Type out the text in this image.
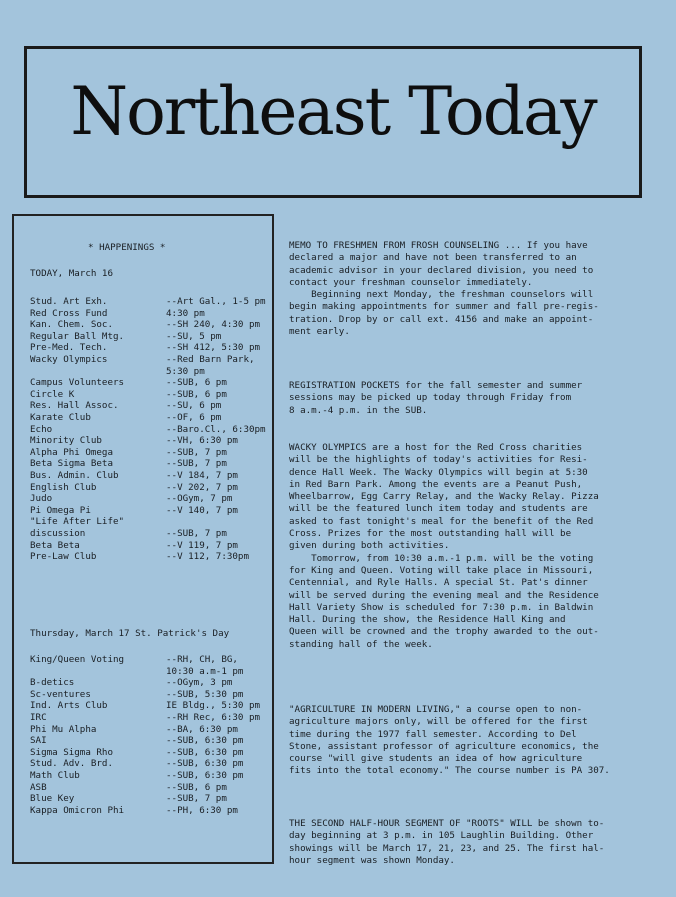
Northeast Today
* HAPPENINGS *
TODAY, March 16
Stud. Art Exh.	--Art Gal., 1-5 pm
Red Cross Fund	4:30 pm
Kan. Chem. Soc.	--SH 240, 4:30 pm
Regular Ball Mtg.	--SU, 5 pm
Pre-Med. Tech.	--SH 412, 5:30 pm
Wacky Olympics	--Red Barn Park,
5:30 pm
Campus Volunteers	--SUB, 6 pm
Circle K	--SUB, 6 pm
Res. Hall Assoc.	--SU, 6 pm
Karate Club	--OF, 6 pm
Echo	--Baro.Cl., 6:30pm
Minority Club	--VH, 6:30 pm
Alpha Phi Omega	--SUB, 7 pm
Beta Sigma Beta	--SUB, 7 pm
Bus. Admin. Club	--V 184, 7 pm
English Club	--V 202, 7 pm
Judo	--OGym, 7 pm
Pi Omega Pi	--V 140, 7 pm
"Life After Life"
discussion	--SUB, 7 pm
Beta Beta	--V 119, 7 pm
Pre-Law Club	--V 112, 7:30pm
Thursday, March 17 St. Patrick's Day
King/Queen Voting	--RH, CH, BG,
10:30 a.m-1 pm
B-detics	--OGym, 3 pm
Sc-ventures	--SUB, 5:30 pm
Ind. Arts Club	IE Bldg., 5:30 pm
IRC	--RH Rec, 6:30 pm
Phi Mu Alpha	--BA, 6:30 pm
SAI	--SUB, 6:30 pm
Sigma Sigma Rho	--SUB, 6:30 pm
Stud. Adv. Brd.	--SUB, 6:30 pm
Math Club	--SUB, 6:30 pm
ASB	--SUB, 6 pm
Blue Key	--SUB, 7 pm
Kappa Omicron Phi	--PH, 6:30 pm
MEMO TO FRESHMEN FROM FROSH COUNSELING ... If you have
declared a major and have not been transferred to an
academic advisor in your declared division, you need to
contact your freshman counselor immediately.
Beginning next Monday, the freshman counselors will
begin making appointments for summer and fall pre-regis-
tration. Drop by or call ext. 4156 and make an appoint-
ment early.
REGISTRATION POCKETS for the fall semester and summer
sessions may be picked up today through Friday from
8 a.m.-4 p.m. in the SUB.
WACKY OLYMPICS are a host for the Red Cross charities
will be the highlights of today's activities for Resi-
dence Hall Week. The Wacky Olympics will begin at 5:30
in Red Barn Park. Among the events are a Peanut Push,
Wheelbarrow, Egg Carry Relay, and the Wacky Relay. Pizza
will be the featured lunch item today and students are
asked to fast tonight's meal for the benefit of the Red
Cross. Prizes for the most outstanding hall will be
given during both activities.
Tomorrow, from 10:30 a.m.-1 p.m. will be the voting
for King and Queen. Voting will take place in Missouri,
Centennial, and Ryle Halls. A special St. Pat's dinner
will be served during the evening meal and the Residence
Hall Variety Show is scheduled for 7:30 p.m. in Baldwin
Hall. During the show, the Residence Hall King and
Queen will be crowned and the trophy awarded to the out-
standing hall of the week.
"AGRICULTURE IN MODERN LIVING," a course open to non-
agriculture majors only, will be offered for the first
time during the 1977 fall semester. According to Del
Stone, assistant professor of agriculture economics, the
course "will give students an idea of how agriculture
fits into the total economy." The course number is PA 307.
THE SECOND HALF-HOUR SEGMENT OF "ROOTS" WILL be shown to-
day beginning at 3 p.m. in 105 Laughlin Building. Other
showings will be March 17, 21, 23, and 25. The first hal-
hour segment was shown Monday.
